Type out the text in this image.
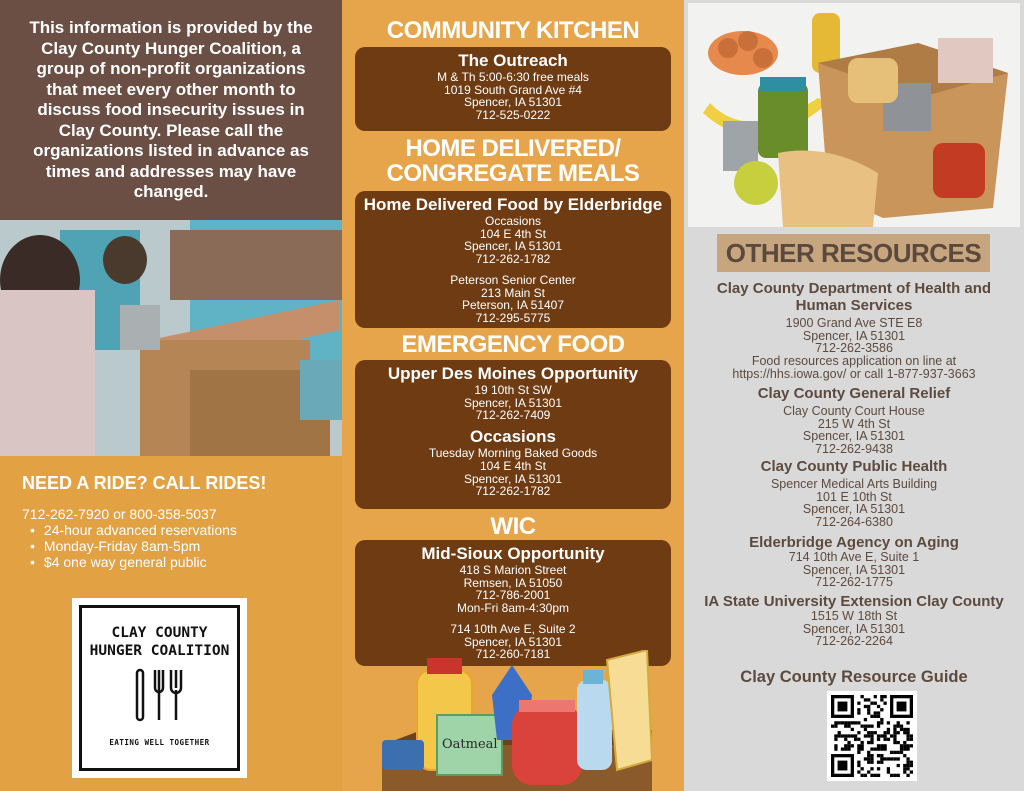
This information is provided by the
Clay County Hunger Coalition, a
group of non-profit organizations
that meet every other month to
discuss food insecurity issues in
Clay County. Please call the
organizations listed in advance as
times and addresses may have
changed.
NEED A RIDE? CALL RIDES!
712-262-7920 or 800-358-5037
• 24-hour advanced reservations
• Monday-Friday 8am-5pm
• $4 one way general public
CLAY COUNTY
HUNGER COALITION
EATING WELL TOGETHER
COMMUNITY KITCHEN
The Outreach
M & Th 5:00-6:30 free meals
1019 South Grand Ave #4
Spencer, IA 51301
712-525-0222
HOME DELIVERED/
CONGREGATE MEALS
Home Delivered Food by Elderbridge
Occasions
104 E 4th St
Spencer, IA 51301
712-262-1782
Peterson Senior Center
213 Main St
Peterson, IA 51407
712-295-5775
EMERGENCY FOOD
Upper Des Moines Opportunity
19 10th St SW
Spencer, IA 51301
712-262-7409
Occasions
Tuesday Morning Baked Goods
104 E 4th St
Spencer, IA 51301
712-262-1782
WIC
Mid-Sioux Opportunity
418 S Marion Street
Remsen, IA 51050
712-786-2001
Mon-Fri 8am-4:30pm
714 10th Ave E, Suite 2
Spencer, IA 51301
712-260-7181
Oatmeal
OTHER RESOURCES
Clay County Department of Health and Human Services
1900 Grand Ave STE E8
Spencer, IA 51301
712-262-3586
Food resources application on line at
https://hhs.iowa.gov/ or call 1-877-937-3663
Clay County General Relief
Clay County Court House
215 W 4th St
Spencer, IA 51301
712-262-9438
Clay County Public Health
Spencer Medical Arts Building
101 E 10th St
Spencer, IA 51301
712-264-6380
Elderbridge Agency on Aging
714 10th Ave E, Suite 1
Spencer, IA 51301
712-262-1775
IA State University Extension Clay County
1515 W 18th St
Spencer, IA 51301
712-262-2264
Clay County Resource Guide
